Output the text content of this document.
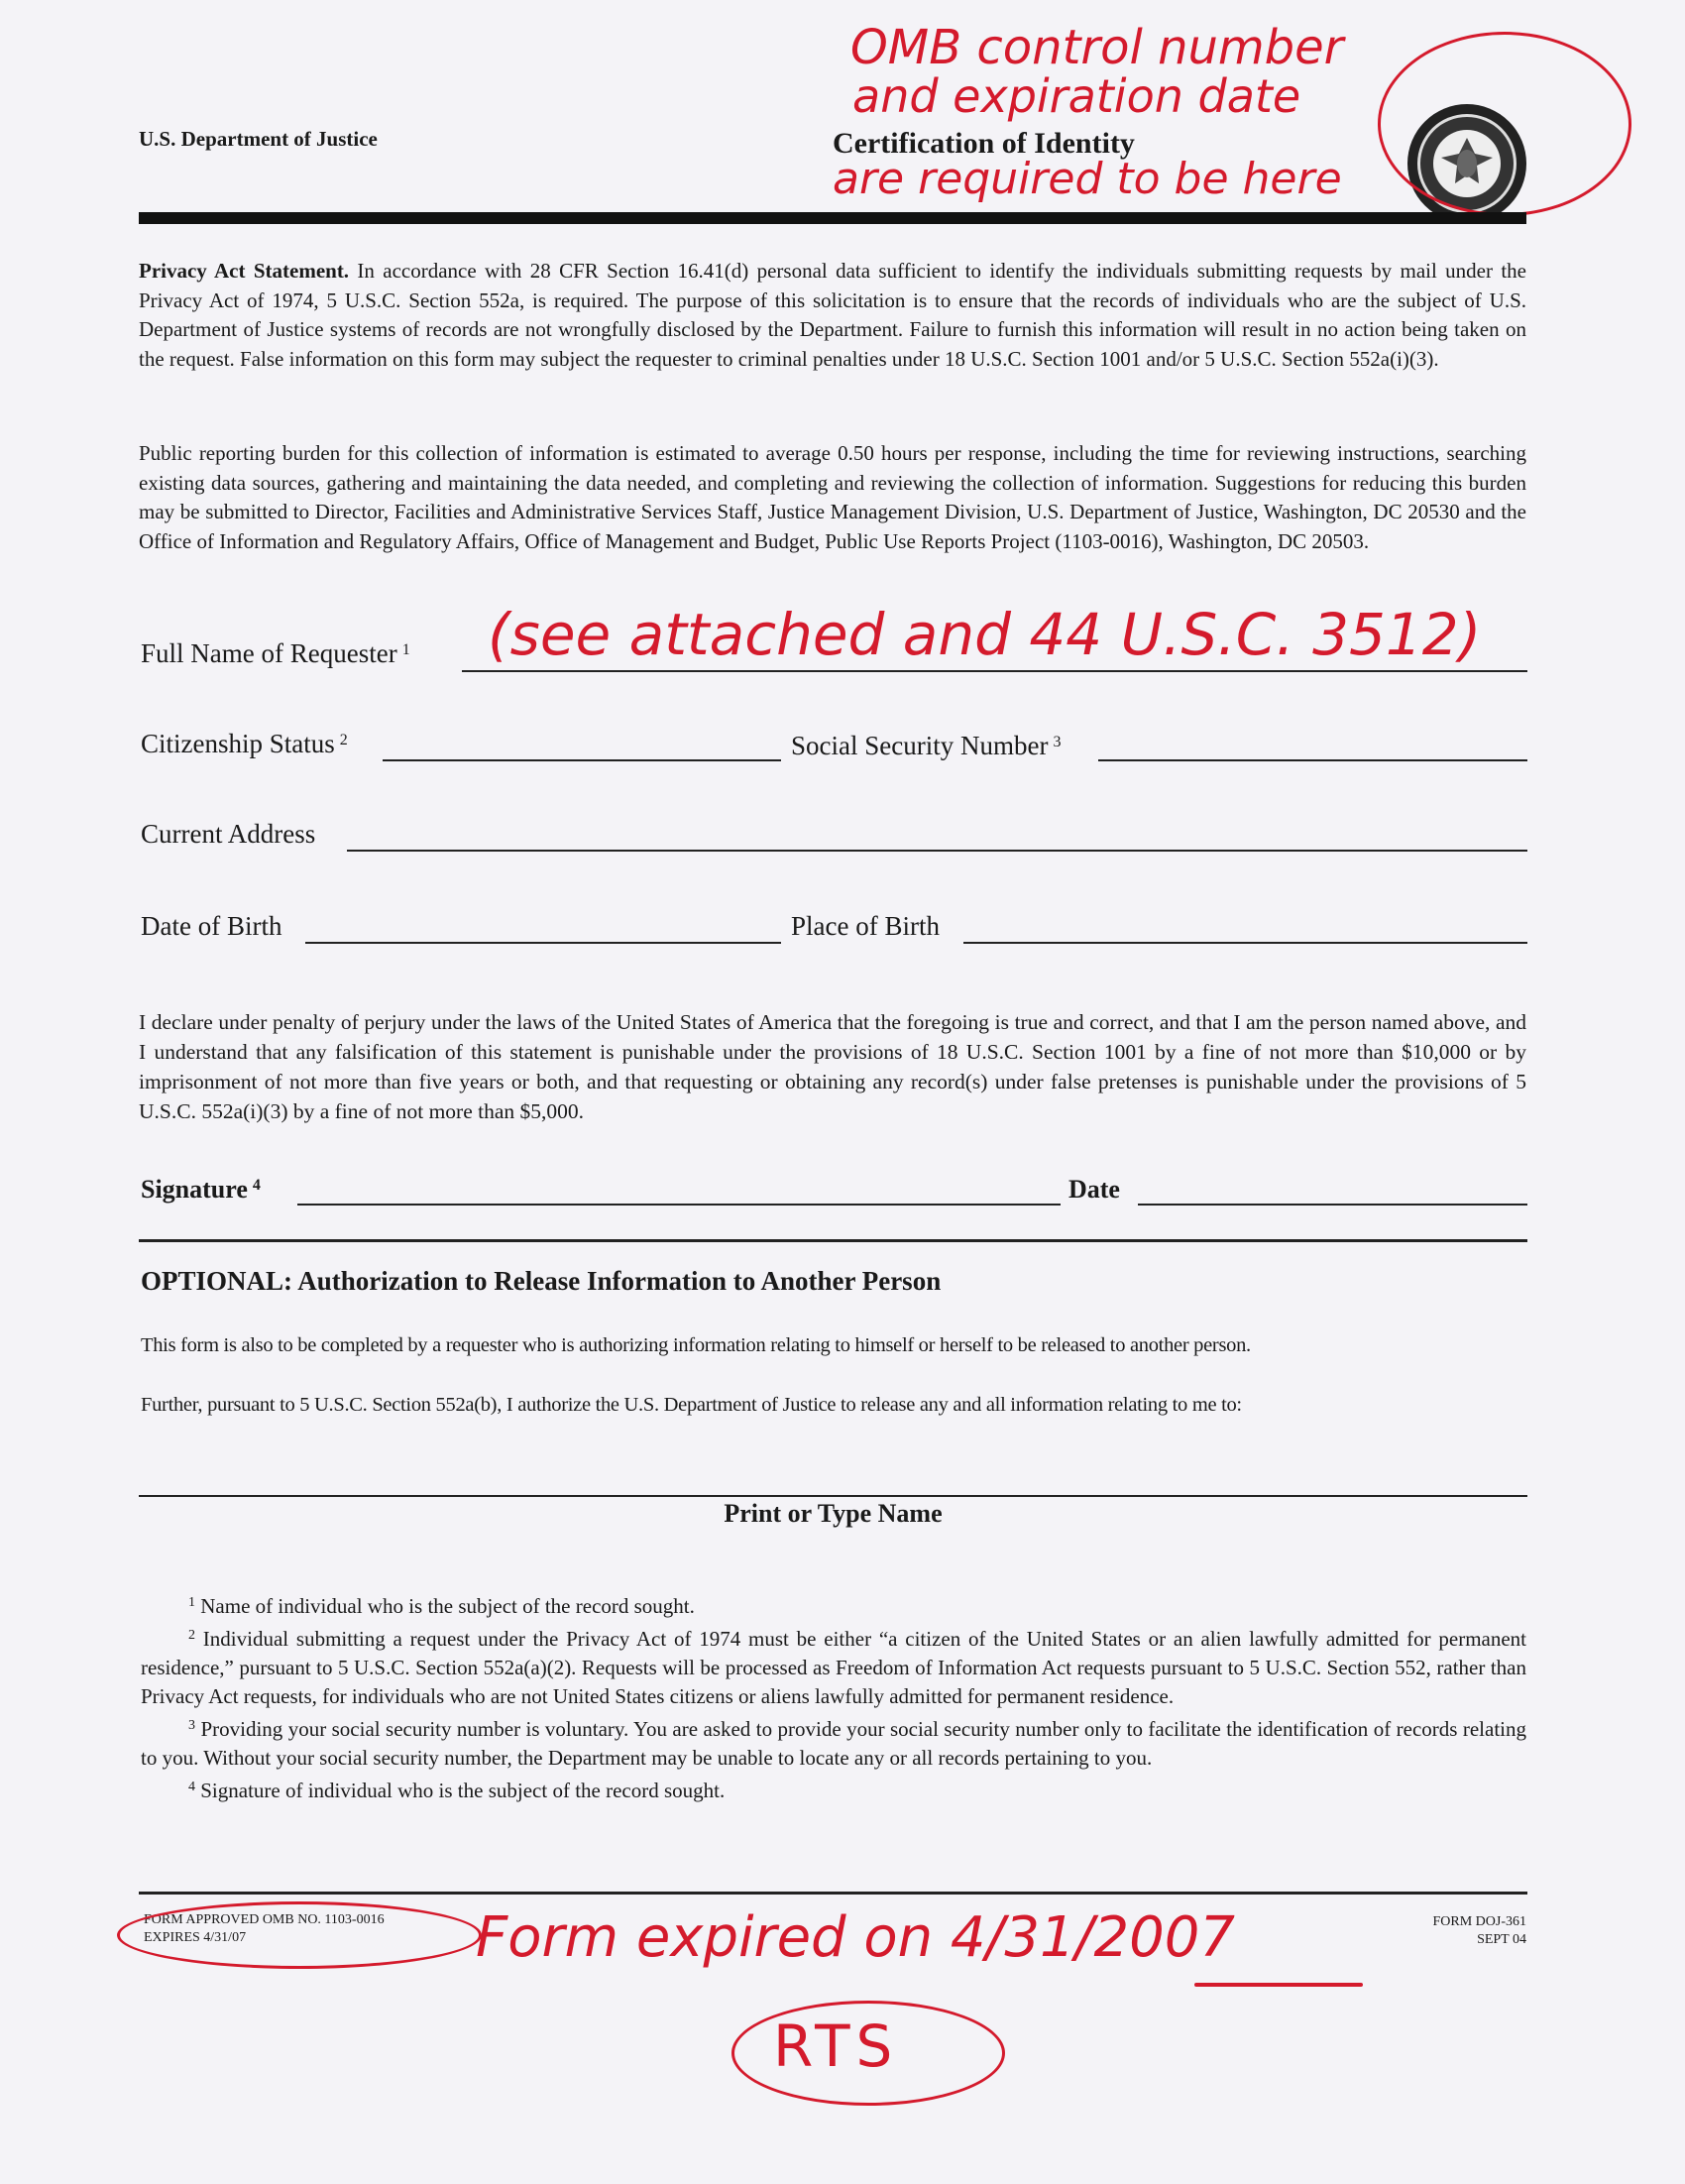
U.S. Department of Justice	Certification of Identity
OMB control number
and expiration date
are required to be here
Privacy Act Statement. In accordance with 28 CFR Section 16.41(d) personal data sufficient to identify the individuals submitting requests by mail under the Privacy Act of 1974, 5 U.S.C. Section 552a, is required. The purpose of this solicitation is to ensure that the records of individuals who are the subject of U.S. Department of Justice systems of records are not wrongfully disclosed by the Department. Failure to furnish this information will result in no action being taken on the request. False information on this form may subject the requester to criminal penalties under 18 U.S.C. Section 1001 and/or 5 U.S.C. Section 552a(i)(3).
Public reporting burden for this collection of information is estimated to average 0.50 hours per response, including the time for reviewing instructions, searching existing data sources, gathering and maintaining the data needed, and completing and reviewing the collection of information. Suggestions for reducing this burden may be submitted to Director, Facilities and Administrative Services Staff, Justice Management Division, U.S. Department of Justice, Washington, DC 20530 and the Office of Information and Regulatory Affairs, Office of Management and Budget, Public Use Reports Project (1103-0016), Washington, DC 20503.
Full Name of Requester $^1$ (see attached and 44 U.S.C. 3512)
Citizenship Status $^2$	Social Security Number $^3$
Current Address
Date of Birth	Place of Birth
I declare under penalty of perjury under the laws of the United States of America that the foregoing is true and correct, and that I am the person named above, and I understand that any falsification of this statement is punishable under the provisions of 18 U.S.C. Section 1001 by a fine of not more than $10,000 or by imprisonment of not more than five years or both, and that requesting or obtaining any record(s) under false pretenses is punishable under the provisions of 5 U.S.C. 552a(i)(3) by a fine of not more than $5,000.
Signature $^4$	Date
OPTIONAL: Authorization to Release Information to Another Person
This form is also to be completed by a requester who is authorizing information relating to himself or herself to be released to another person.
Further, pursuant to 5 U.S.C. Section 552a(b), I authorize the U.S. Department of Justice to release any and all information relating to me to:
Print or Type Name
$^1$ Name of individual who is the subject of the record sought.
$^2$ Individual submitting a request under the Privacy Act of 1974 must be either “a citizen of the United States or an alien lawfully admitted for permanent residence,” pursuant to 5 U.S.C. Section 552a(a)(2). Requests will be processed as Freedom of Information Act requests pursuant to 5 U.S.C. Section 552, rather than Privacy Act requests, for individuals who are not United States citizens or aliens lawfully admitted for permanent residence.
$^3$ Providing your social security number is voluntary. You are asked to provide your social security number only to facilitate the identification of records relating to you. Without your social security number, the Department may be unable to locate any or all records pertaining to you.
$^4$ Signature of individual who is the subject of the record sought.
FORM APPROVED OMB NO. 1103-0016
EXPIRES 4/31/07
FORM DOJ-361
SEPT 04
Form expired on 4/31/2007
RTS
